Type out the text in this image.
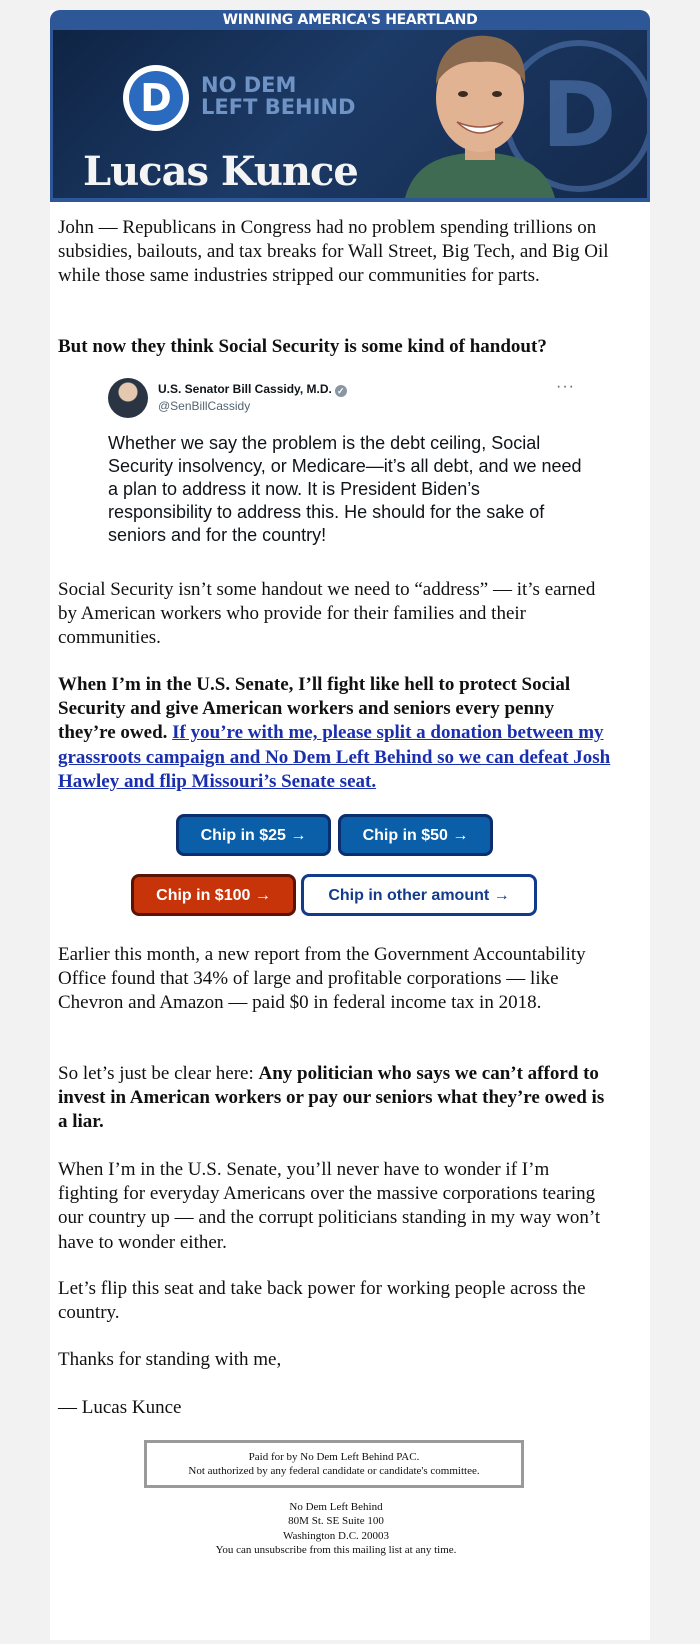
WINNING AMERICA'S HEARTLAND
D
D	NO DEM
LEFT BEHIND
Lucas Kunce

John — Republicans in Congress had no problem spending trillions on subsidies, bailouts, and tax breaks for Wall Street, Big Tech, and Big Oil while those same industries stripped our communities for parts.

But now they think Social Security is some kind of handout?

U.S. Senator Bill Cassidy, M.D. ✓
@SenBillCassidy
···
Whether we say the problem is the debt ceiling, Social Security insolvency, or Medicare—it’s all debt, and we need a plan to address it now. It is President Biden’s responsibility to address this. He should for the sake of seniors and for the country!

Social Security isn’t some handout we need to “address” — it’s earned by American workers who provide for their families and their communities.

When I’m in the U.S. Senate, I’ll fight like hell to protect Social Security and give American workers and seniors every penny they’re owed. If you’re with me, please split a donation between my grassroots campaign and No Dem Left Behind so we can defeat Josh Hawley and flip Missouri’s Senate seat.

Chip in $25 →	Chip in $50 →
Chip in $100 →	Chip in other amount →

Earlier this month, a new report from the Government Accountability Office found that 34% of large and profitable corporations — like Chevron and Amazon — paid $0 in federal income tax in 2018.

So let’s just be clear here: Any politician who says we can’t afford to invest in American workers or pay our seniors what they’re owed is a liar.

When I’m in the U.S. Senate, you’ll never have to wonder if I’m fighting for everyday Americans over the massive corporations tearing our country up — and the corrupt politicians standing in my way won’t have to wonder either.

Let’s flip this seat and take back power for working people across the country.

Thanks for standing with me,

— Lucas Kunce

Paid for by No Dem Left Behind PAC.
Not authorized by any federal candidate or candidate's committee.
No Dem Left Behind
80M St. SE Suite 100
Washington D.C. 20003
You can unsubscribe from this mailing list at any time.
